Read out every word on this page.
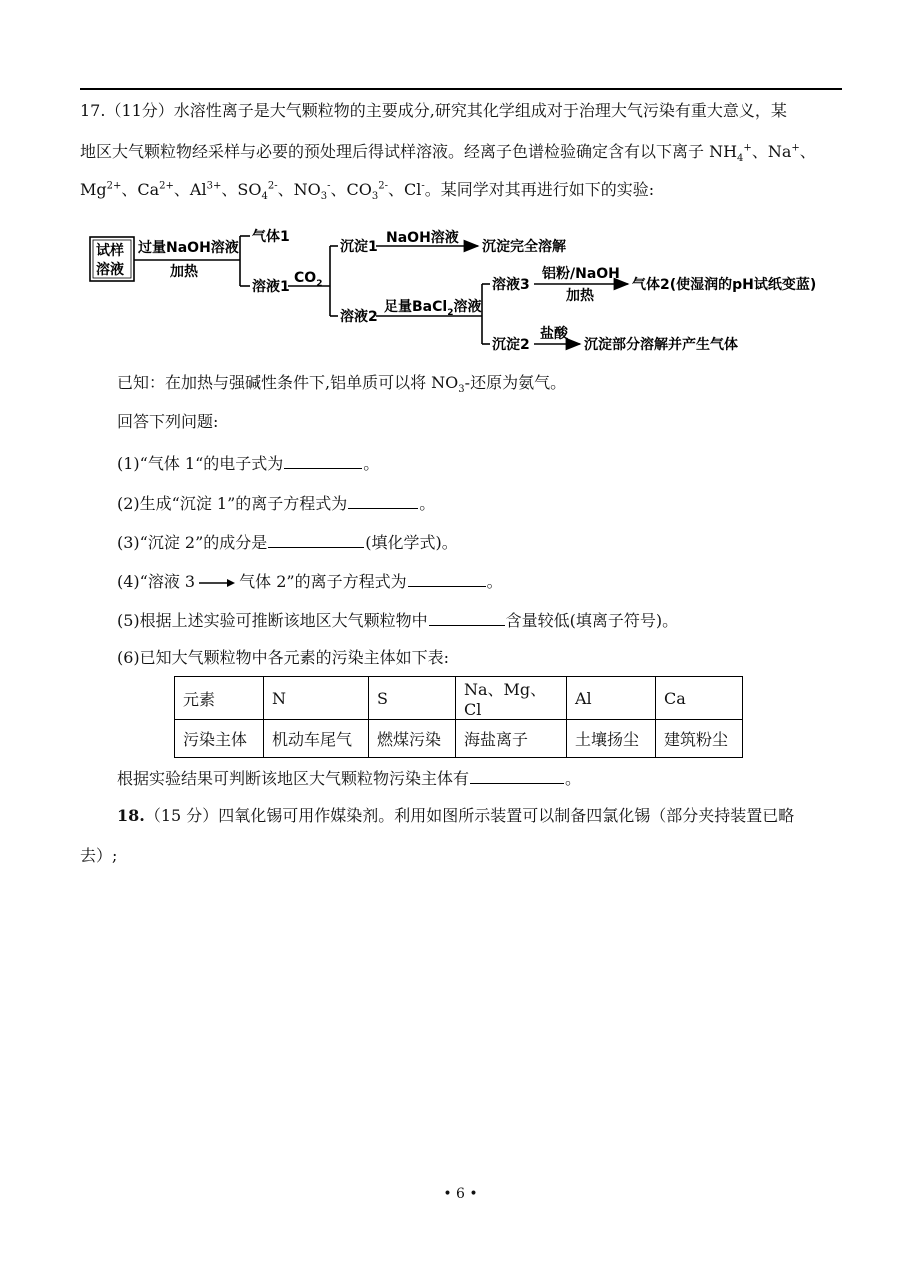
17.（11分）水溶性离子是大气颗粒物的主要成分,研究其化学组成对于治理大气污染有重大意义，某
地区大气颗粒物经采样与必要的预处理后得试样溶液。经离子色谱检验确定含有以下离子 $NH_4^+$、Na+、
$Mg^{2+}$、$Ca^{2+}$、$Al^{3+}$、$SO_4^{2-}$、$NO_3^-$、$CO_3^{2-}$、Cl-。某同学对其再进行如下的实验:
试样
溶液
过量NaOH溶液
加热
气体1
溶液1
$CO_2$
沉淀1
NaOH溶液
沉淀完全溶解
溶液2
足量BaCl$_2$溶液
溶液3
铝粉/NaOH
加热
气体2(使湿润的pH试纸变蓝)
沉淀2
盐酸
沉淀部分溶解并产生气体
已知：在加热与强碱性条件下,铝单质可以将 $NO_3-$还原为氨气。
回答下列问题:
(1)“气体 1“的电子式为	。
(2)生成“沉淀 1”的离子方程式为	。
(3)“沉淀 2”的成分是	(填化学式)。
(4)“溶液 3	气体 2”的离子方程式为	。
(5)根据上述实验可推断该地区大气颗粒物中	含量较低(填离子符号)。
(6)已知大气颗粒物中各元素的污染主体如下表:
元素	N	S	Na、Mg、Cl	Al	Ca
污染主体	机动车尾气	燃煤污染	海盐离子	土壤扬尘	建筑粉尘
根据实验结果可判断该地区大气颗粒物污染主体有	。
18.（15 分）四氧化锡可用作媒染剂。利用如图所示装置可以制备四氯化锡（部分夹持装置已略
去）;
• 6 •
